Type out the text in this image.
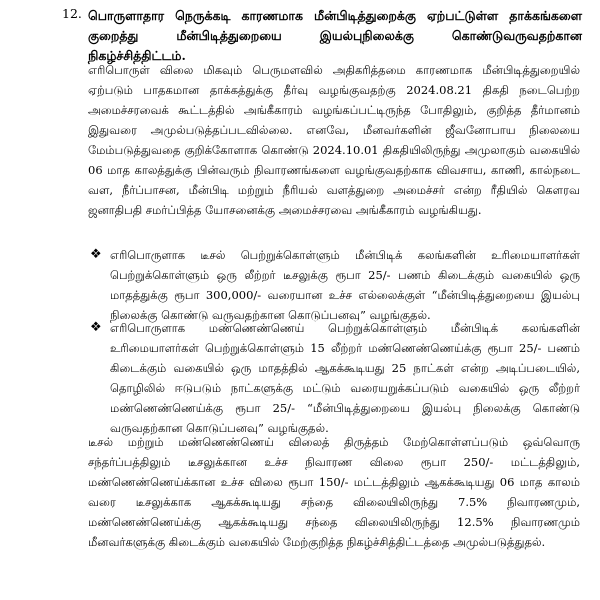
12. பொருளாதார நெருக்கடி காரணமாக மீன்பிடித்துறைக்கு ஏற்பட்டுள்ள தாக்கங்களை குறைத்து மீன்பிடித்துறையை இயல்புநிலைக்கு கொண்டுவருவதற்கான நிகழ்ச்சித்திட்டம்.
எரிபொருள் விலை மிகவும் பெருமளவில் அதிகரித்தமை காரணமாக மீன்பிடித்துறையில் ஏற்படும் பாதகமான தாக்கத்துக்கு தீர்வு வழங்குவதற்கு 2024.08.21 திகதி நடைபெற்ற அமைச்சரவைக் கூட்டத்தில் அங்கீகாரம் வழங்கப்பட்டிருந்த போதிலும், குறித்த தீர்மானம் இதுவரை அமுல்படுத்தப்படவில்லை. எனவே, மீனவர்களின் ஜீவனோபாய நிலையை மேம்படுத்துவதை குறிக்கோளாக கொண்டு 2024.10.01 திகதியிலிருந்து அமுலாகும் வகையில் 06 மாத காலத்துக்கு பின்வரும் நிவாரணங்களை வழங்குவதற்காக விவசாய, காணி, கால்நடை வள, நீர்ப்பாசன, மீன்பிடி மற்றும் நீரியல் வளத்துறை அமைச்சர் என்ற ரீதியில் கௌரவ ஜனாதிபதி சமர்ப்பித்த யோசனைக்கு அமைச்சரவை அங்கீகாரம் வழங்கியது.
❖ எரிபொருளாக டீசல் பெற்றுக்கொள்ளும் மீன்பிடிக் கலங்களின் உரிமையாளர்கள் பெற்றுக்கொள்ளும் ஒரு லீற்றர் டீசலுக்கு ரூபா 25/- பணம் கிடைக்கும் வகையில் ஒரு மாதத்துக்கு ரூபா 300,000/- வரையான உச்ச எல்லைக்குள் “மீன்பிடித்துறையை இயல்பு நிலைக்கு கொண்டு வருவதற்கான கொடுப்பனவு” வழங்குதல்.
❖ எரிபொருளாக மண்ணெண்ணெய் பெற்றுக்கொள்ளும் மீன்பிடிக் கலங்களின் உரிமையாளர்கள் பெற்றுக்கொள்ளும் 15 லீற்றர் மண்ணெண்ணெய்க்கு ரூபா 25/- பணம் கிடைக்கும் வகையில் ஒரு மாதத்தில் ஆகக்கூடியது 25 நாட்கள் என்ற அடிப்படையில், தொழிலில் ஈடுபடும் நாட்களுக்கு மட்டும் வரையறுக்கப்படும் வகையில் ஒரு லீற்றர் மண்ணெண்ணெய்க்கு ரூபா 25/- “மீன்பிடித்துறையை இயல்பு நிலைக்கு கொண்டு வருவதற்கான கொடுப்பனவு” வழங்குதல்.
டீசல் மற்றும் மண்ணெண்ணெய் விலைத் திருத்தம் மேற்கொள்ளப்படும் ஒவ்வொரு சந்தர்ப்பத்திலும் டீசலுக்கான உச்ச நிவாரண விலை ரூபா 250/- மட்டத்திலும், மண்ணெண்ணெய்க்கான உச்ச விலை ரூபா 150/- மட்டத்திலும் ஆகக்கூடியது 06 மாத காலம் வரை டீசலுக்காக ஆகக்கூடியது சந்தை விலையிலிருந்து 7.5% நிவாரணமும், மண்ணெண்ணெய்க்கு ஆகக்கூடியது சந்தை விலையிலிருந்து 12.5% நிவாரணமும் மீனவர்களுக்கு கிடைக்கும் வகையில் மேற்குறித்த நிகழ்ச்சித்திட்டத்தை அமுல்படுத்துதல்.
